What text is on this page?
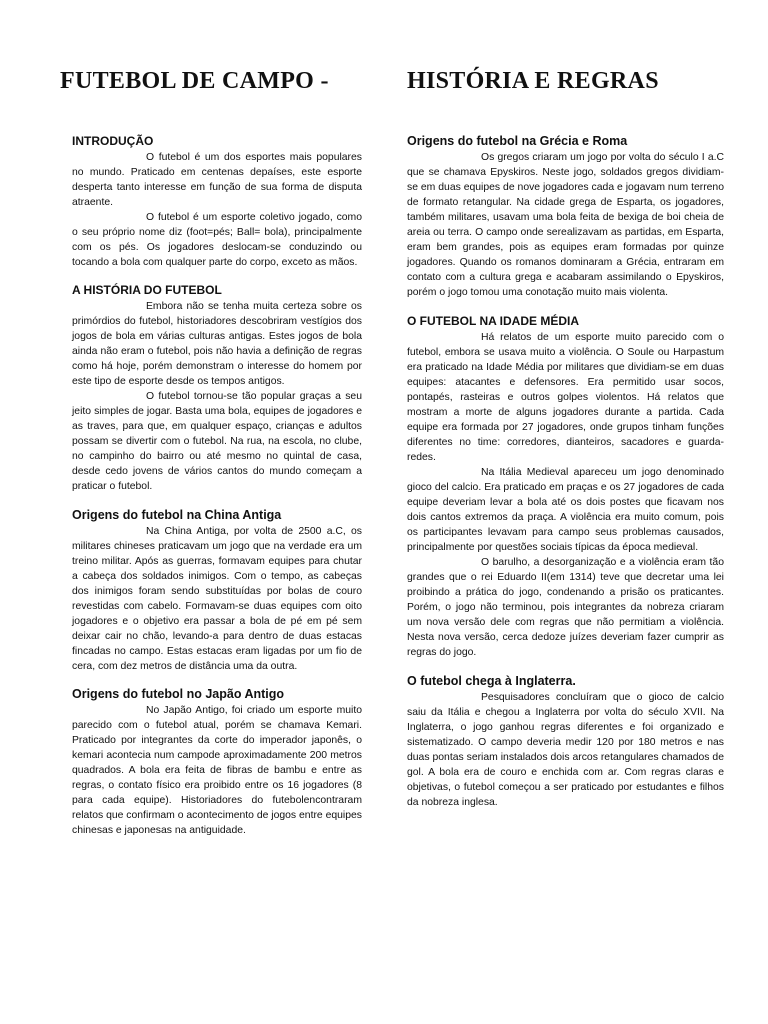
FUTEBOL DE CAMPO -	HISTÓRIA E REGRAS
INTRODUÇÃO

O futebol é um dos esportes mais populares no mundo. Praticado em centenas depaíses, este esporte desperta tanto interesse em função de sua forma de disputa atraente.

O futebol é um esporte coletivo jogado, como o seu próprio nome diz (foot=pés; Ball= bola), principalmente com os pés. Os jogadores deslocam-se conduzindo ou tocando a bola com qualquer parte do corpo, exceto as mãos.

A HISTÓRIA DO FUTEBOL

Embora não se tenha muita certeza sobre os primórdios do futebol, historiadores descobriram vestígios dos jogos de bola em várias culturas antigas. Estes jogos de bola ainda não eram o futebol, pois não havia a definição de regras como há hoje, porém demonstram o interesse do homem por este tipo de esporte desde os tempos antigos.

O futebol tornou-se tão popular graças a seu jeito simples de jogar. Basta uma bola, equipes de jogadores e as traves, para que, em qualquer espaço, crianças e adultos possam se divertir com o futebol. Na rua, na escola, no clube, no campinho do bairro ou até mesmo no quintal de casa, desde cedo jovens de vários cantos do mundo começam a praticar o futebol.

Origens do futebol na China Antiga

Na China Antiga, por volta de 2500 a.C, os militares chineses praticavam um jogo que na verdade era um treino militar. Após as guerras, formavam equipes para chutar a cabeça dos soldados inimigos. Com o tempo, as cabeças dos inimigos foram sendo substituídas por bolas de couro revestidas com cabelo. Formavam-se duas equipes com oito jogadores e o objetivo era passar a bola de pé em pé sem deixar cair no chão, levando-a para dentro de duas estacas fincadas no campo. Estas estacas eram ligadas por um fio de cera, com dez metros de distância uma da outra.

Origens do futebol no Japão Antigo

No Japão Antigo, foi criado um esporte muito parecido com o futebol atual, porém se chamava Kemari. Praticado por integrantes da corte do imperador japonês, o kemari acontecia num campode aproximadamente 200 metros quadrados. A bola era feita de fibras de bambu e entre as regras, o contato físico era proibido entre os 16 jogadores (8 para cada equipe). Historiadores do futebolencontraram relatos que confirmam o acontecimento de jogos entre equipes chinesas e japonesas na antiguidade.

Origens do futebol na Grécia e Roma

Os gregos criaram um jogo por volta do século I a.C que se chamava Epyskiros. Neste jogo, soldados gregos dividiam-se em duas equipes de nove jogadores cada e jogavam num terreno de formato retangular. Na cidade grega de Esparta, os jogadores, também militares, usavam uma bola feita de bexiga de boi cheia de areia ou terra. O campo onde serealizavam as partidas, em Esparta, eram bem grandes, pois as equipes eram formadas por quinze jogadores. Quando os romanos dominaram a Grécia, entraram em contato com a cultura grega e acabaram assimilando o Epyskiros, porém o jogo tomou uma conotação muito mais violenta.

O FUTEBOL NA IDADE MÉDIA

Há relatos de um esporte muito parecido com o futebol, embora se usava muito a violência. O Soule ou Harpastum era praticado na Idade Média por militares que dividiam-se em duas equipes: atacantes e defensores. Era permitido usar socos, pontapés, rasteiras e outros golpes violentos. Há relatos que mostram a morte de alguns jogadores durante a partida. Cada equipe era formada por 27 jogadores, onde grupos tinham funções diferentes no time: corredores, dianteiros, sacadores e guarda-redes.

Na Itália Medieval apareceu um jogo denominado gioco del calcio. Era praticado em praças e os 27 jogadores de cada equipe deveriam levar a bola até os dois postes que ficavam nos dois cantos extremos da praça. A violência era muito comum, pois os participantes levavam para campo seus problemas causados, principalmente por questões sociais típicas da época medieval.

O barulho, a desorganização e a violência eram tão grandes que o rei Eduardo II(em 1314) teve que decretar uma lei proibindo a prática do jogo, condenando a prisão os praticantes. Porém, o jogo não terminou, pois integrantes da nobreza criaram um nova versão dele com regras que não permitiam a violência. Nesta nova versão, cerca dedoze juízes deveriam fazer cumprir as regras do jogo.

O futebol chega à Inglaterra.

Pesquisadores concluíram que o gioco de calcio saiu da Itália e chegou a Inglaterra por volta do século XVII. Na Inglaterra, o jogo ganhou regras diferentes e foi organizado e sistematizado. O campo deveria medir 120 por 180 metros e nas duas pontas seriam instalados dois arcos retangulares chamados de gol. A bola era de couro e enchida com ar. Com regras claras e objetivas, o futebol começou a ser praticado por estudantes e filhos da nobreza inglesa.
